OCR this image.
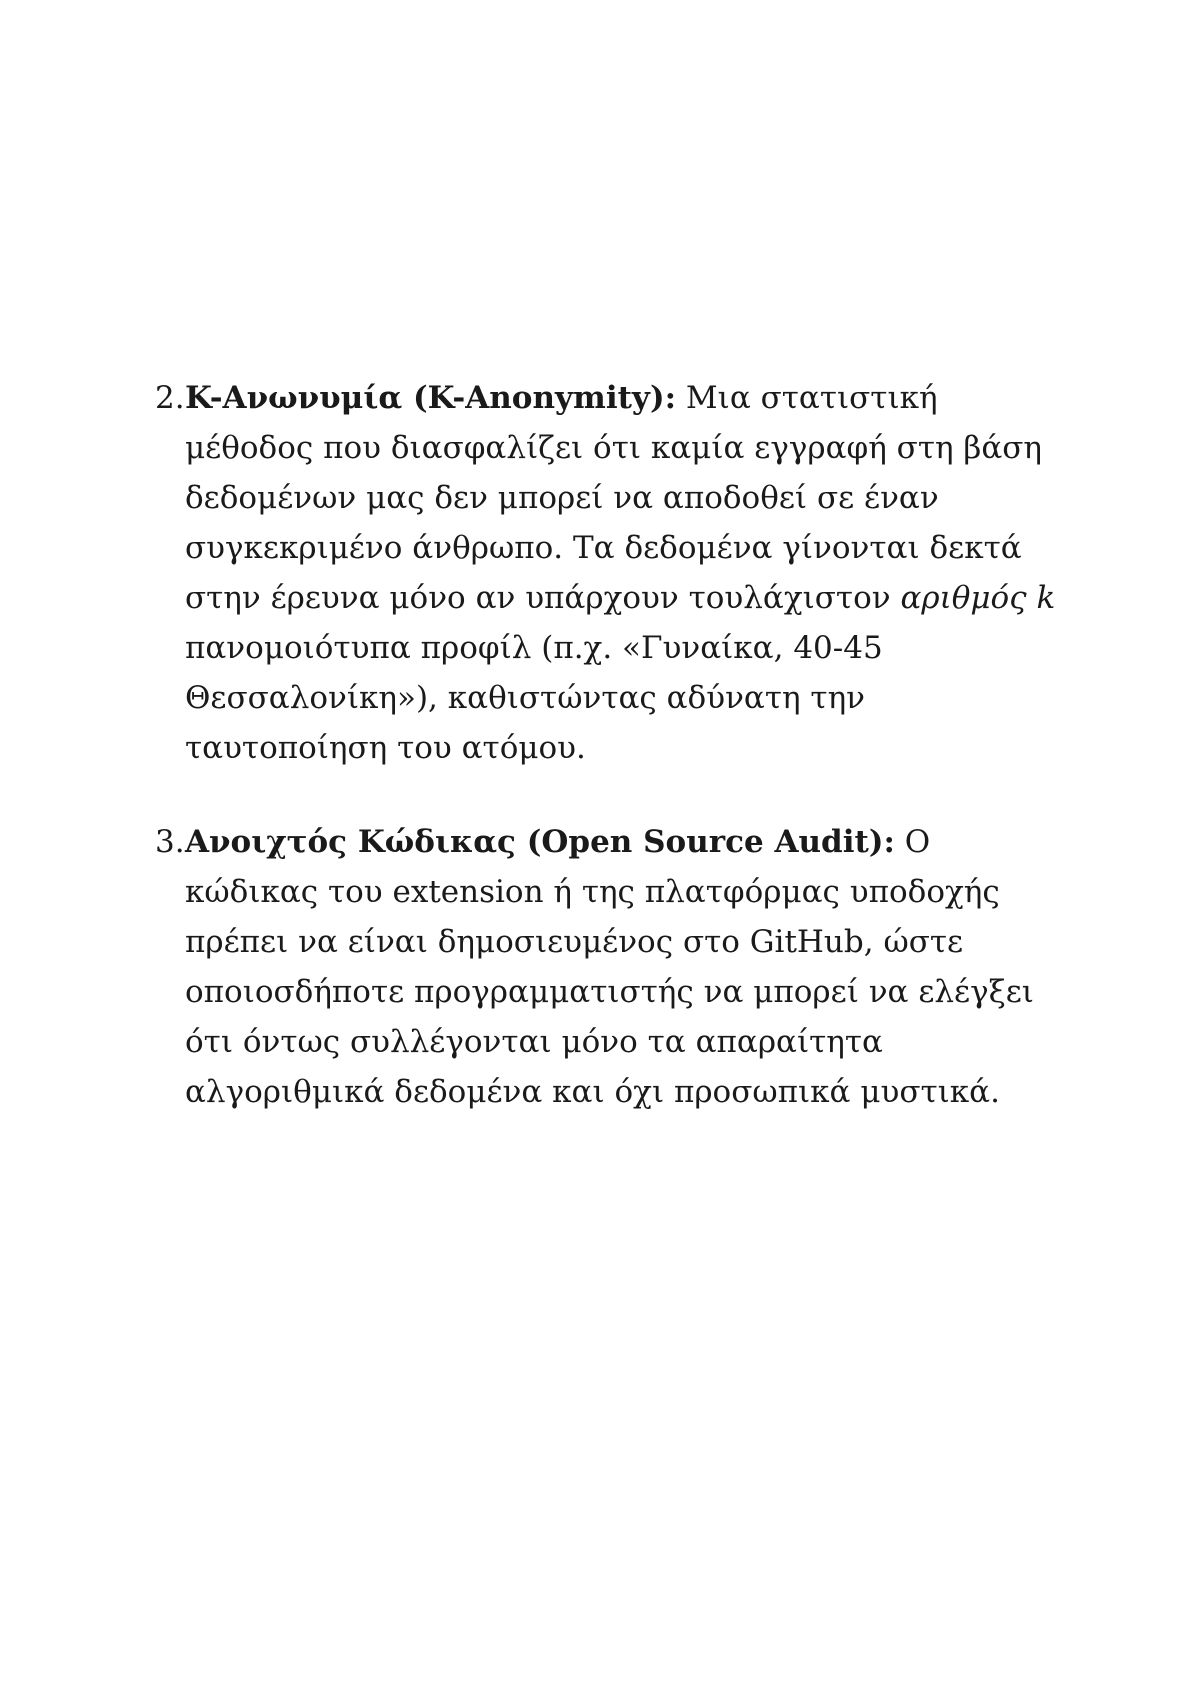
2.K-Ανωνυμία (K-Anonymity): Μια στατιστική
μέθοδος που διασφαλίζει ότι καμία εγγραφή στη βάση
δεδομένων μας δεν μπορεί να αποδοθεί σε έναν
συγκεκριμένο άνθρωπο. Τα δεδομένα γίνονται δεκτά
στην έρευνα μόνο αν υπάρχουν τουλάχιστον αριθμός k
πανομοιότυπα προφίλ (π.χ. «Γυναίκα, 40-45
Θεσσαλονίκη»), καθιστώντας αδύνατη την
ταυτοποίηση του ατόμου.
3.Ανοιχτός Κώδικας (Open Source Audit): Ο
κώδικας του extension ή της πλατφόρμας υποδοχής
πρέπει να είναι δημοσιευμένος στο GitHub, ώστε
οποιοσδήποτε προγραμματιστής να μπορεί να ελέγξει
ότι όντως συλλέγονται μόνο τα απαραίτητα
αλγοριθμικά δεδομένα και όχι προσωπικά μυστικά.
